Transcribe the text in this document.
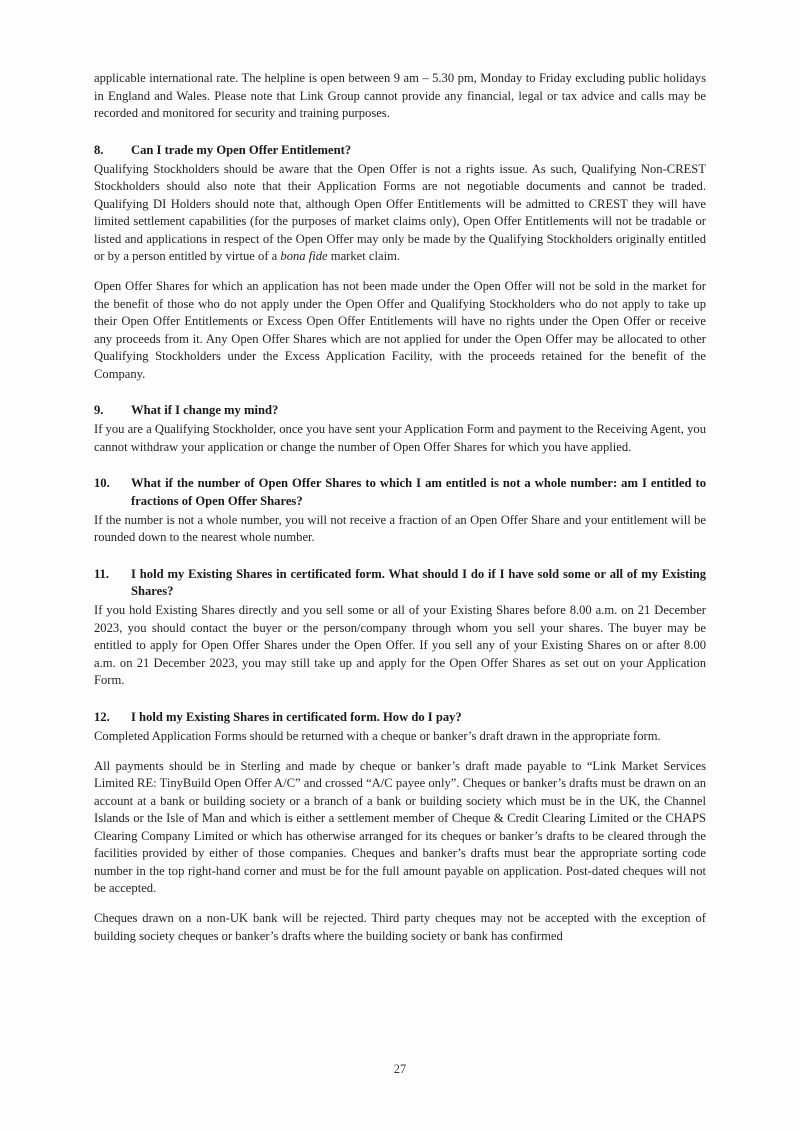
applicable international rate. The helpline is open between 9 am – 5.30 pm, Monday to Friday excluding public holidays in England and Wales. Please note that Link Group cannot provide any financial, legal or tax advice and calls may be recorded and monitored for security and training purposes.

8.	Can I trade my Open Offer Entitlement?

Qualifying Stockholders should be aware that the Open Offer is not a rights issue. As such, Qualifying Non-CREST Stockholders should also note that their Application Forms are not negotiable documents and cannot be traded. Qualifying DI Holders should note that, although Open Offer Entitlements will be admitted to CREST they will have limited settlement capabilities (for the purposes of market claims only), Open Offer Entitlements will not be tradable or listed and applications in respect of the Open Offer may only be made by the Qualifying Stockholders originally entitled or by a person entitled by virtue of a bona fide market claim.

Open Offer Shares for which an application has not been made under the Open Offer will not be sold in the market for the benefit of those who do not apply under the Open Offer and Qualifying Stockholders who do not apply to take up their Open Offer Entitlements or Excess Open Offer Entitlements will have no rights under the Open Offer or receive any proceeds from it. Any Open Offer Shares which are not applied for under the Open Offer may be allocated to other Qualifying Stockholders under the Excess Application Facility, with the proceeds retained for the benefit of the Company.

9.	What if I change my mind?

If you are a Qualifying Stockholder, once you have sent your Application Form and payment to the Receiving Agent, you cannot withdraw your application or change the number of Open Offer Shares for which you have applied.

10.	What if the number of Open Offer Shares to which I am entitled is not a whole number: am I entitled to fractions of Open Offer Shares?

If the number is not a whole number, you will not receive a fraction of an Open Offer Share and your entitlement will be rounded down to the nearest whole number.

11.	I hold my Existing Shares in certificated form. What should I do if I have sold some or all of my Existing Shares?

If you hold Existing Shares directly and you sell some or all of your Existing Shares before 8.00 a.m. on 21 December 2023, you should contact the buyer or the person/company through whom you sell your shares. The buyer may be entitled to apply for Open Offer Shares under the Open Offer. If you sell any of your Existing Shares on or after 8.00 a.m. on 21 December 2023, you may still take up and apply for the Open Offer Shares as set out on your Application Form.

12.	I hold my Existing Shares in certificated form. How do I pay?

Completed Application Forms should be returned with a cheque or banker’s draft drawn in the appropriate form.

All payments should be in Sterling and made by cheque or banker’s draft made payable to “Link Market Services Limited RE: TinyBuild Open Offer A/C” and crossed “A/C payee only”. Cheques or banker’s drafts must be drawn on an account at a bank or building society or a branch of a bank or building society which must be in the UK, the Channel Islands or the Isle of Man and which is either a settlement member of Cheque & Credit Clearing Limited or the CHAPS Clearing Company Limited or which has otherwise arranged for its cheques or banker’s drafts to be cleared through the facilities provided by either of those companies. Cheques and banker’s drafts must bear the appropriate sorting code number in the top right-hand corner and must be for the full amount payable on application. Post-dated cheques will not be accepted.

Cheques drawn on a non-UK bank will be rejected. Third party cheques may not be accepted with the exception of building society cheques or banker’s drafts where the building society or bank has confirmed

27
